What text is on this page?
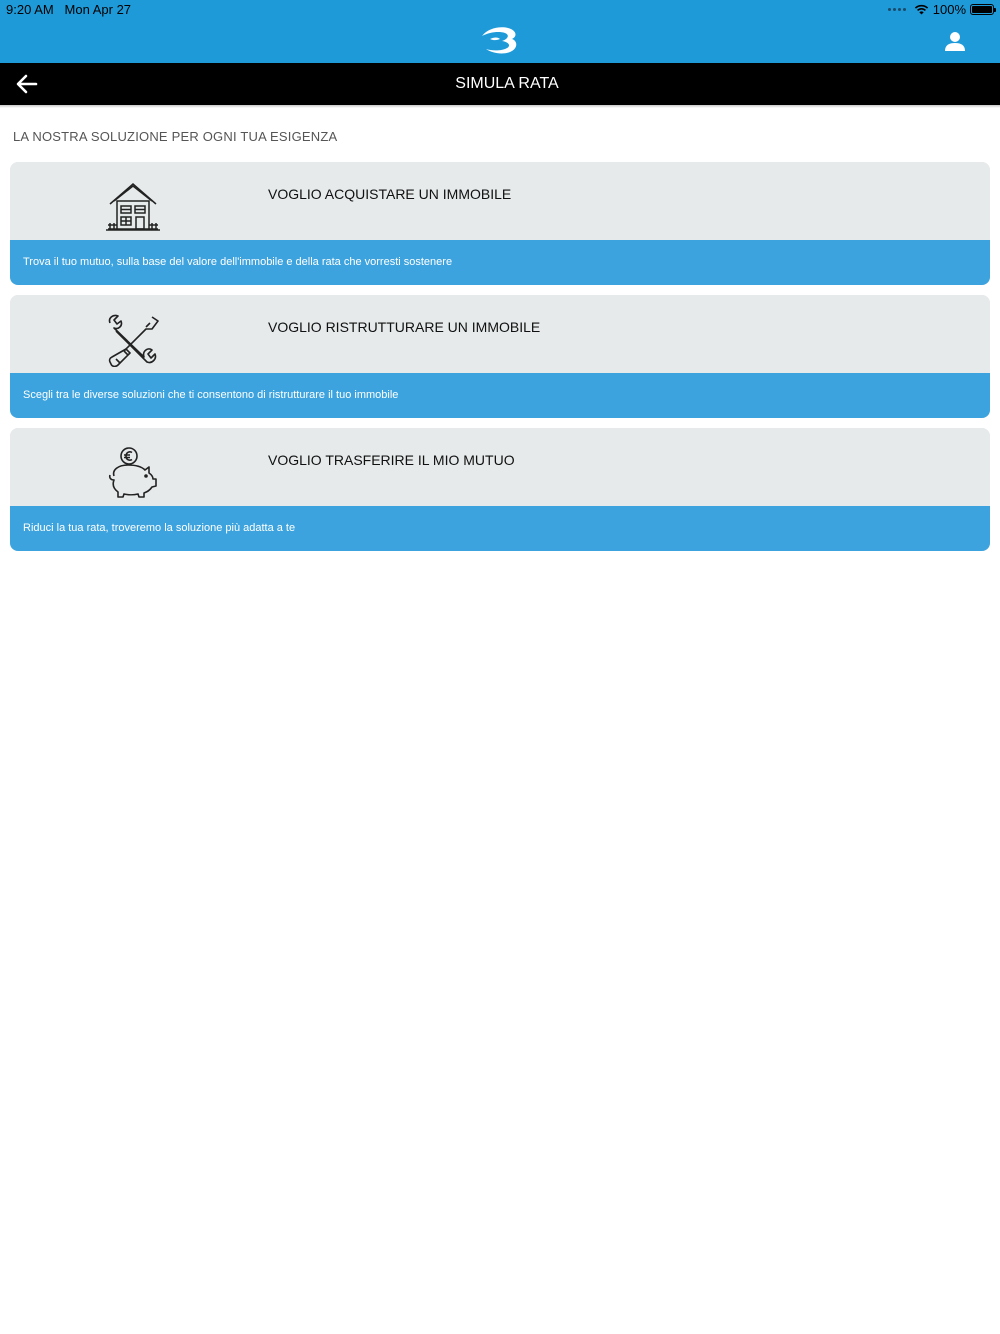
9:20 AM Mon Apr 27	100%
SIMULA RATA
LA NOSTRA SOLUZIONE PER OGNI TUA ESIGENZA
VOGLIO ACQUISTARE UN IMMOBILE
Trova il tuo mutuo, sulla base del valore dell'immobile e della rata che vorresti sostenere
VOGLIO RISTRUTTURARE UN IMMOBILE
Scegli tra le diverse soluzioni che ti consentono di ristrutturare il tuo immobile
VOGLIO TRASFERIRE IL MIO MUTUO
Riduci la tua rata, troveremo la soluzione più adatta a te
